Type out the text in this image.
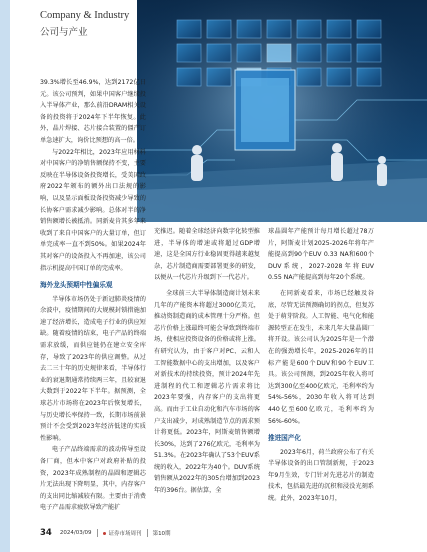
Company & Industry
公司与产业

39.3%增长至46.9%，达到2172亿日元。该公司预判，如果中国客户继续投入半导体产业，那么前沿DRAM相关设备的投资将于2024年下半年恢复。此外，晶片焊接、芯片接合装置的僵产订单急速扩大，询价比预想的高一倍。

与2022年相比，2023年应用材料对中国客户的净销售额保持不变，主要反映在半导体设备投资增长，受美国政府2022年颁布的额外出口法规的影响，以及显示面板设备投资减少导致的长协客户需求减少影响。总体对半的净销售额增长被抵消。同新麦肯其多年来收到了来自中国客户的大量订单，但订单完成率一直不到50%。如果2024年其对客户的设备投入不再加速，该公司指示机提高中国订单的完成率。

海外龙头预期中性偏乐观

半导体市场仍处于新冠肺炎疫情的余波中，疫情期间的大规模封锁措施加速了经济增长，造成电子行业的供应短缺。随着疫情的结束，电子产品的终端需求放缓，而供应链仍在建立安全库存，导致了2023年的供应调整。从过去二三十年的历史规律来看，半导体行业的衰退期通常持续两三年，且较衰退大数到于2022年下半年。据预测，全球芯片市场将在2023年后恢复增长，与历史增长率保持一致，长期市场前景预计不会受到2023年经济低迷的实质性影响。

电子产品终端需求的波动传导至设备厂商，但本中客户对政府补贴的投资，2023年成熟制程的晶圆和逻辑芯片无法出现下降明显，其中，内存客户的支出同比缩减较有限。主要由于消费电子产品需求疲软导致产能扩

充推迟。随着全球经济向数字化转型推进，半导体的增速或将超过GDP增速，这是全国方行业稳固更得越来越复杂，芯片制造商需要部署更多的研发，以便从一代芯片升级到下一代芯片。

全球前三大半导体制造商计划未来几年的产能资本将超过3000亿美元，推动资制造商的成本管理十分严格。但芯片价格上涨最终可能会导致到终端市场，使相应投资设备的价格或将上涨。有研究认为，由于客户对PC、云和人工智能数据中心的支出增加，以及客户对新技术的持续投资，预计2024年先进制程的代工和逻辑芯片需求将比2023年要强，内存客户的支出将更高。而由于工业自动化和汽车市场的客户支出减少，对成熟制造节点的需求预计将更低。2023年，阿斯麦销售额增长30%，达到了276亿欧元，毛利率为51.3%。在2023年确认了53个EUV系统的收入，2022年为40个。DUV系统销售额从2022年的305台增加到2023年的396台。据估算，全

球晶圆年产能预计每月增长超过78万片，阿斯麦计划2025-2026年将年产能提高到90个EUV 0.33 NA和600个DUV系统，2027-2028年将EUV 0.55 NA产能提高到每年20个系统。

在同新麦看来，市场已经触及谷底，尽管无法预测确切的拐点，但复苏处于萌芽阶段。人工智能、电气化和能源转型正在发生，未来几年大量晶圆厂将开设。该公司认为2025年是一个潜在的强劲增长年，2025-2026年的目标产能是600个DUV和90个EUV工具。该公司预测，到2025年收入将可达到300亿至400亿欧元，毛利率约为54%-56%，2030年收入将可达到440亿至600亿欧元，毛利率约为56%-60%。

推进国产化

2023年6月，荷兰政府公布了有关半导体设备的出口管制新规，于2023年9月生效，专门针对先进芯片的制造技术，包括最先进的沉积和浸没光刻系统。此外，2023年10月，

34 2024/03/09	证券市场周刊 第10期
